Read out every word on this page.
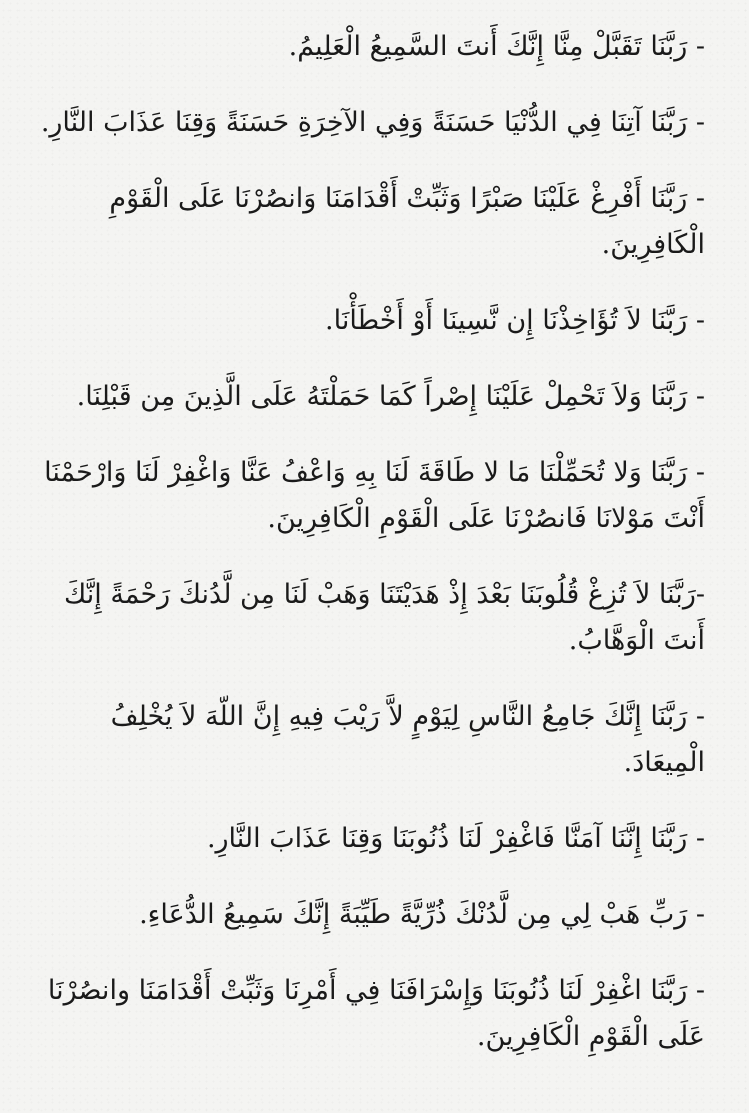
- رَبَّنَا تَقَبَّلْ مِنَّا إِنَّكَ أَنتَ السَّمِيعُ الْعَلِيمُ.

- رَبَّنَا آتِنَا فِي الدُّنْيَا حَسَنَةً وَفِي الآخِرَةِ حَسَنَةً وَقِنَا عَذَابَ النَّارِ.

- رَبَّنَا أَفْرِغْ عَلَيْنَا صَبْرًا وَثَبِّتْ أَقْدَامَنَا وَانصُرْنَا عَلَى الْقَوْمِ الْكَافِرِينَ.

- رَبَّنَا لاَ تُؤَاخِذْنَا إِن نَّسِينَا أَوْ أَخْطَأْنَا.

- رَبَّنَا وَلاَ تَحْمِلْ عَلَيْنَا إِصْراً كَمَا حَمَلْتَهُ عَلَى الَّذِينَ مِن قَبْلِنَا.

- رَبَّنَا وَلا تُحَمِّلْنَا مَا لا طَاقَةَ لَنَا بِهِ وَاعْفُ عَنَّا وَاغْفِرْ لَنَا وَارْحَمْنَا أَنْتَ مَوْلانَا فَانصُرْنَا عَلَى الْقَوْمِ الْكَافِرِينَ.

-رَبَّنَا لاَ تُزِغْ قُلُوبَنَا بَعْدَ إِذْ هَدَيْتَنَا وَهَبْ لَنَا مِن لَّدُنكَ رَحْمَةً إِنَّكَ أَنتَ الْوَهَّابُ.

- رَبَّنَا إِنَّكَ جَامِعُ النَّاسِ لِيَوْمٍ لاَّ رَيْبَ فِيهِ إِنَّ اللّهَ لاَ يُخْلِفُ الْمِيعَادَ.

- رَبَّنَا إِنَّنَا آمَنَّا فَاغْفِرْ لَنَا ذُنُوبَنَا وَقِنَا عَذَابَ النَّارِ.

- رَبِّ هَبْ لِي مِن لَّدُنْكَ ذُرِّيَّةً طَيِّبَةً إِنَّكَ سَمِيعُ الدُّعَاءِ.

- رَبَّنَا اغْفِرْ لَنَا ذُنُوبَنَا وَإِسْرَافَنَا فِي أَمْرِنَا وَثَبِّتْ أَقْدَامَنَا وانصُرْنَا عَلَى الْقَوْمِ الْكَافِرِينَ.
